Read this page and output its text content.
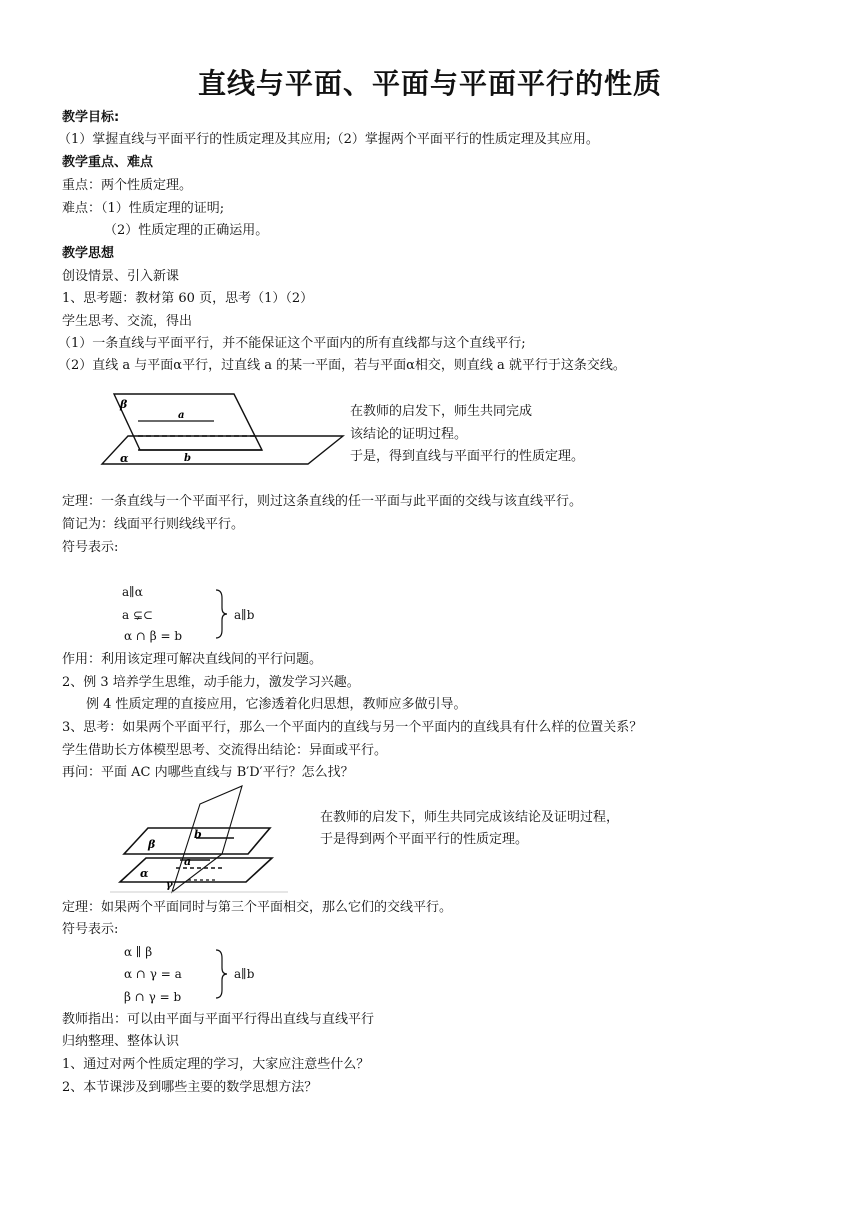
直线与平面、平面与平面平行的性质
教学目标:
（1）掌握直线与平面平行的性质定理及其应用;（2）掌握两个平面平行的性质定理及其应用。
教学重点、难点
重点：两个性质定理。
难点：（1）性质定理的证明;
（2）性质定理的正确运用。
教学思想
创设情景、引入新课
1、思考题：教材第 60 页，思考（1）（2）
学生思考、交流，得出
（1）一条直线与平面平行，并不能保证这个平面内的所有直线都与这个直线平行;
（2）直线 a 与平面α平行，过直线 a 的某一平面，若与平面α相交，则直线 a 就平行于这条交线。
β
a
α	b
在教师的启发下，师生共同完成
该结论的证明过程。
于是，得到直线与平面平行的性质定理。
定理：一条直线与一个平面平行，则过这条直线的任一平面与此平面的交线与该直线平行。
简记为：线面平行则线线平行。
符号表示:
a∥α
a ⊊⊂
α ∩ β = b
a∥b
作用：利用该定理可解决直线间的平行问题。
2、例 3 培养学生思维，动手能力，激发学习兴趣。
例 4 性质定理的直接应用，它渗透着化归思想，教师应多做引导。
3、思考：如果两个平面平行，那么一个平面内的直线与另一个平面内的直线具有什么样的位置关系？
学生借助长方体模型思考、交流得出结论：异面或平行。
再问：平面 AC 内哪些直线与 B′D′平行？怎么找？
β
b
a
α
γ
在教师的启发下，师生共同完成该结论及证明过程，
于是得到两个平面平行的性质定理。
定理：如果两个平面同时与第三个平面相交，那么它们的交线平行。
符号表示:
α ∥ β
α ∩ γ = a
β ∩ γ = b
a∥b
教师指出：可以由平面与平面平行得出直线与直线平行
归纳整理、整体认识
1、通过对两个性质定理的学习，大家应注意些什么？
2、本节课涉及到哪些主要的数学思想方法？
